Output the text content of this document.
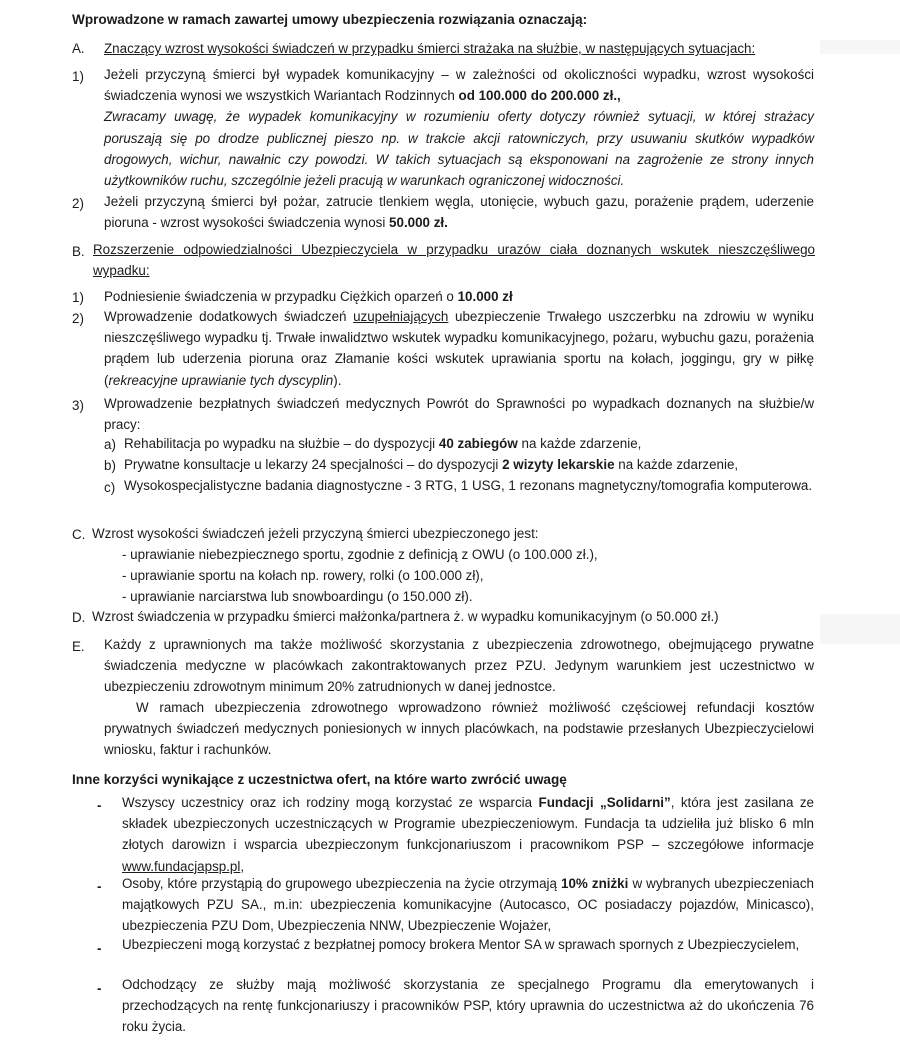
Wprowadzone w ramach zawartej umowy ubezpieczenia rozwiązania oznaczają:
A. Znaczący wzrost wysokości świadczeń w przypadku śmierci strażaka na służbie, w następujących sytuacjach:
1) Jeżeli przyczyną śmierci był wypadek komunikacyjny – w zależności od okoliczności wypadku, wzrost wysokości świadczenia wynosi we wszystkich Wariantach Rodzinnych od 100.000 do 200.000 zł.,
Zwracamy uwagę, że wypadek komunikacyjny w rozumieniu oferty dotyczy również sytuacji, w której strażacy poruszają się po drodze publicznej pieszo np. w trakcie akcji ratowniczych, przy usuwaniu skutków wypadków drogowych, wichur, nawałnic czy powodzi. W takich sytuacjach są eksponowani na zagrożenie ze strony innych użytkowników ruchu, szczególnie jeżeli pracują w warunkach ograniczonej widoczności.
2) Jeżeli przyczyną śmierci był pożar, zatrucie tlenkiem węgla, utonięcie, wybuch gazu, porażenie prądem, uderzenie pioruna - wzrost wysokości świadczenia wynosi 50.000 zł.
B. Rozszerzenie odpowiedzialności Ubezpieczyciela w przypadku urazów ciała doznanych wskutek nieszczęśliwego wypadku:
1) Podniesienie świadczenia w przypadku Ciężkich oparzeń o 10.000 zł
2) Wprowadzenie dodatkowych świadczeń uzupełniających ubezpieczenie Trwałego uszczerbku na zdrowiu w wyniku nieszczęśliwego wypadku tj. Trwałe inwalidztwo wskutek wypadku komunikacyjnego, pożaru, wybuchu gazu, porażenia prądem lub uderzenia pioruna oraz Złamanie kości wskutek uprawiania sportu na kołach, joggingu, gry w piłkę (rekreacyjne uprawianie tych dyscyplin).
3) Wprowadzenie bezpłatnych świadczeń medycznych Powrót do Sprawności po wypadkach doznanych na służbie/w pracy:
a) Rehabilitacja po wypadku na służbie – do dyspozycji 40 zabiegów na każde zdarzenie,
b) Prywatne konsultacje u lekarzy 24 specjalności – do dyspozycji 2 wizyty lekarskie na każde zdarzenie,
c) Wysokospecjalistyczne badania diagnostyczne - 3 RTG, 1 USG, 1 rezonans magnetyczny/tomografia komputerowa.
C. Wzrost wysokości świadczeń jeżeli przyczyną śmierci ubezpieczonego jest:
- uprawianie niebezpiecznego sportu, zgodnie z definicją z OWU (o 100.000 zł.),
- uprawianie sportu na kołach np. rowery, rolki (o 100.000 zł),
- uprawianie narciarstwa lub snowboardingu (o 150.000 zł).
D. Wzrost świadczenia w przypadku śmierci małżonka/partnera ż. w wypadku komunikacyjnym (o 50.000 zł.)
E. Każdy z uprawnionych ma także możliwość skorzystania z ubezpieczenia zdrowotnego, obejmującego prywatne świadczenia medyczne w placówkach zakontraktowanych przez PZU. Jedynym warunkiem jest uczestnictwo w ubezpieczeniu zdrowotnym minimum 20% zatrudnionych w danej jednostce.
W ramach ubezpieczenia zdrowotnego wprowadzono również możliwość częściowej refundacji kosztów prywatnych świadczeń medycznych poniesionych w innych placówkach, na podstawie przesłanych Ubezpieczycielowi wniosku, faktur i rachunków.
Inne korzyści wynikające z uczestnictwa ofert, na które warto zwrócić uwagę
- Wszyscy uczestnicy oraz ich rodziny mogą korzystać ze wsparcia Fundacji „Solidarni”, która jest zasilana ze składek ubezpieczonych uczestniczących w Programie ubezpieczeniowym. Fundacja ta udzieliła już blisko 6 mln złotych darowizn i wsparcia ubezpieczonym funkcjonariuszom i pracownikom PSP – szczegółowe informacje www.fundacjapsp.pl,
- Osoby, które przystąpią do grupowego ubezpieczenia na życie otrzymają 10% zniżki w wybranych ubezpieczeniach majątkowych PZU SA., m.in: ubezpieczenia komunikacyjne (Autocasco, OC posiadaczy pojazdów, Minicasco), ubezpieczenia PZU Dom, Ubezpieczenia NNW, Ubezpieczenie Wojażer,
- Ubezpieczeni mogą korzystać z bezpłatnej pomocy brokera Mentor SA w sprawach spornych z Ubezpieczycielem,
- Odchodzący ze służby mają możliwość skorzystania ze specjalnego Programu dla emerytowanych i przechodzących na rentę funkcjonariuszy i pracowników PSP, który uprawnia do uczestnictwa aż do ukończenia 76 roku życia.
